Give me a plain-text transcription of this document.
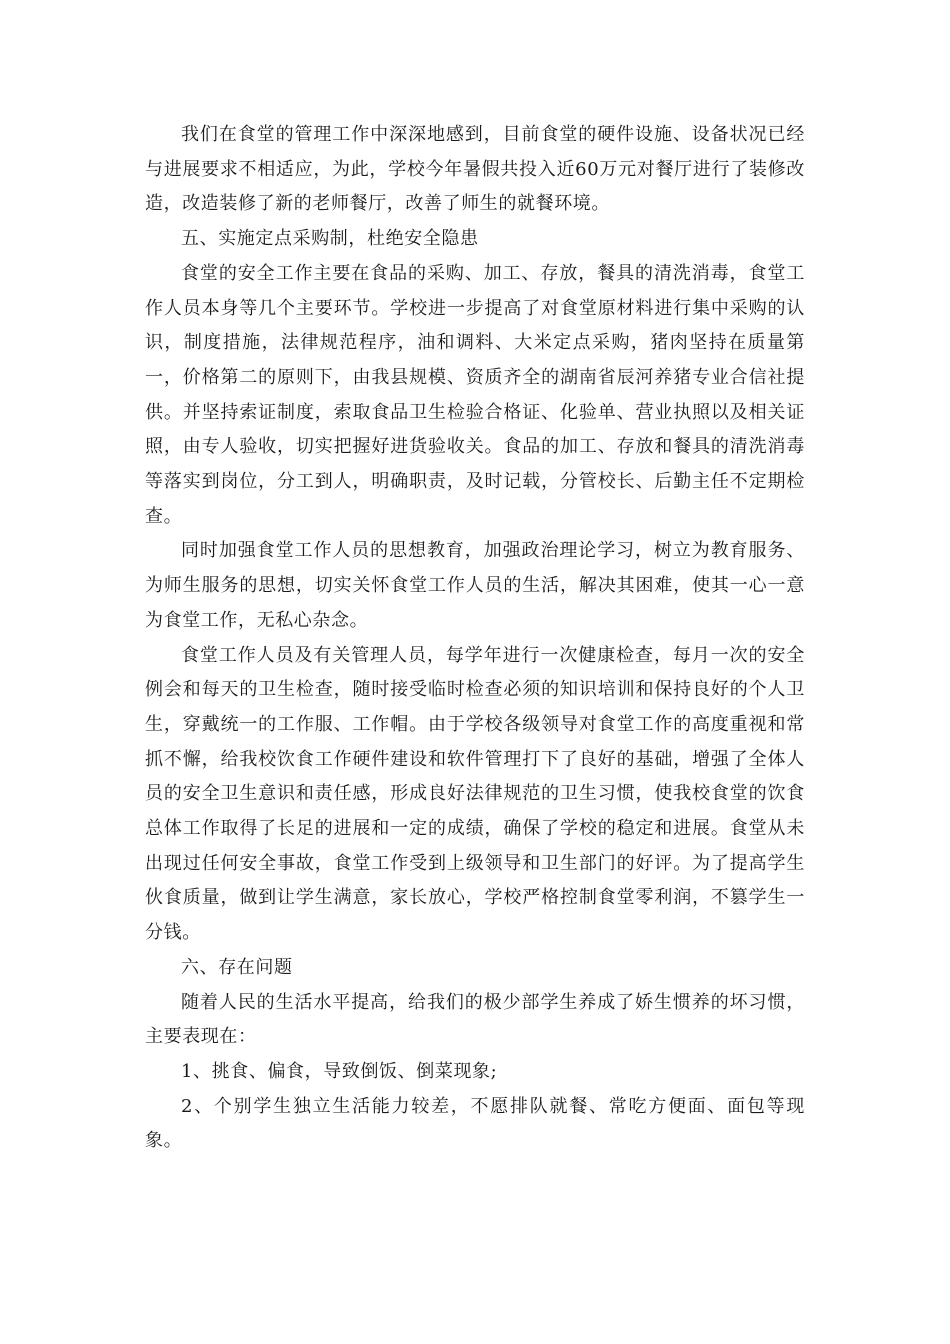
我们在食堂的管理工作中深深地感到，目前食堂的硬件设施、设备状况已经与进展要求不相适应，为此，学校今年暑假共投入近60万元对餐厅进行了装修改造，改造装修了新的老师餐厅，改善了师生的就餐环境。

五、实施定点采购制，杜绝安全隐患

食堂的安全工作主要在食品的采购、加工、存放，餐具的清洗消毒，食堂工作人员本身等几个主要环节。学校进一步提高了对食堂原材料进行集中采购的认识，制度措施，法律规范程序，油和调料、大米定点采购，猪肉坚持在质量第一，价格第二的原则下，由我县规模、资质齐全的湖南省辰河养猪专业合信社提供。并坚持索证制度，索取食品卫生检验合格证、化验单、营业执照以及相关证照，由专人验收，切实把握好进货验收关。食品的加工、存放和餐具的清洗消毒等落实到岗位，分工到人，明确职责，及时记载，分管校长、后勤主任不定期检查。

同时加强食堂工作人员的思想教育，加强政治理论学习，树立为教育服务、为师生服务的思想，切实关怀食堂工作人员的生活，解决其困难，使其一心一意为食堂工作，无私心杂念。

食堂工作人员及有关管理人员，每学年进行一次健康检查，每月一次的安全例会和每天的卫生检查，随时接受临时检查必须的知识培训和保持良好的个人卫生，穿戴统一的工作服、工作帽。由于学校各级领导对食堂工作的高度重视和常抓不懈，给我校饮食工作硬件建设和软件管理打下了良好的基础，增强了全体人员的安全卫生意识和责任感，形成良好法律规范的卫生习惯，使我校食堂的饮食总体工作取得了长足的进展和一定的成绩，确保了学校的稳定和进展。食堂从未出现过任何安全事故，食堂工作受到上级领导和卫生部门的好评。为了提高学生伙食质量，做到让学生满意，家长放心，学校严格控制食堂零利润，不篡学生一分钱。

六、存在问题

随着人民的生活水平提高，给我们的极少部学生养成了娇生惯养的坏习惯，主要表现在：

1、挑食、偏食，导致倒饭、倒菜现象;

2、个别学生独立生活能力较差，不愿排队就餐、常吃方便面、面包等现象。
